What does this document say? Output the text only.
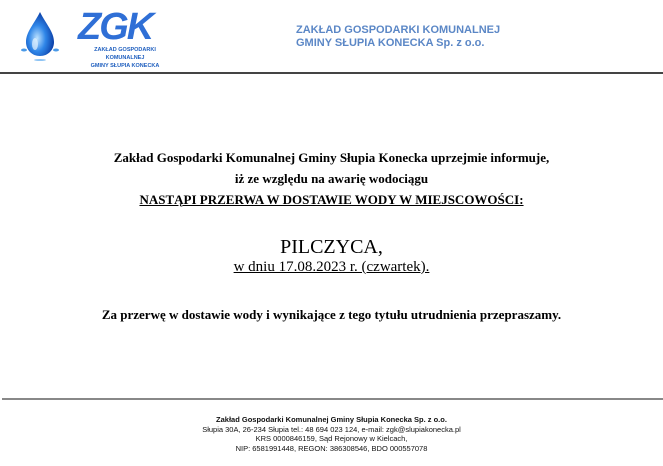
ZGK
ZAKŁAD GOSPODARKI
KOMUNALNEJ
GMINY SŁUPIA KONECKA
ZAKŁAD GOSPODARKI KOMUNALNEJ
GMINY SŁUPIA KONECKA Sp. z o.o.
Zakład Gospodarki Komunalnej Gminy Słupia Konecka uprzejmie informuje,
iż ze względu na awarię wodociągu
NASTĄPI PRZERWA W DOSTAWIE WODY W MIEJSCOWOŚCI:
PILCZYCA,
w dniu 17.08.2023 r. (czwartek).
Za przerwę w dostawie wody i wynikające z tego tytułu utrudnienia przepraszamy.
Zakład Gospodarki Komunalnej Gminy Słupia Konecka Sp. z o.o.
Słupia 30A, 26-234 Słupia tel.: 48 694 023 124, e-mail: zgk@slupiakonecka.pl
KRS 0000846159, Sąd Rejonowy w Kielcach,
NIP: 6581991448, REGON: 386308546, BDO 000557078
